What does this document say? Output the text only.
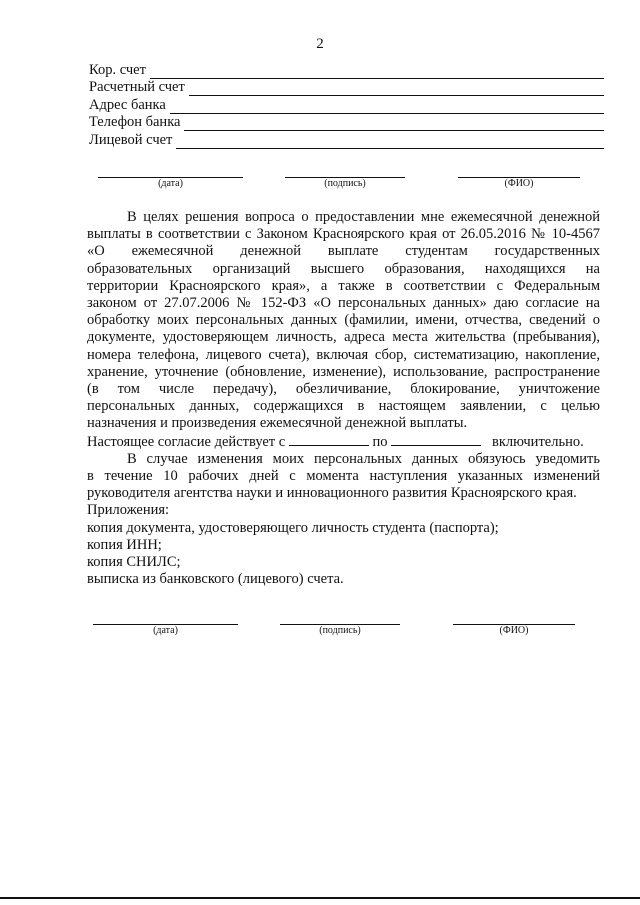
2
Кор. счет
Расчетный счет
Адрес банка
Телефон банка
Лицевой счет
(дата)	(подпись)	(ФИО)
В целях решения вопроса о предоставлении мне ежемесячной денежной
выплаты в соответствии с Законом Красноярского края от 26.05.2016 № 10-4567
«О ежемесячной денежной выплате студентам государственных
образовательных организаций высшего образования, находящихся на
территории Красноярского края», а также в соответствии с Федеральным
законом от 27.07.2006 № 152-ФЗ «О персональных данных» даю согласие на
обработку моих персональных данных (фамилии, имени, отчества, сведений о
документе, удостоверяющем личность, адреса места жительства (пребывания),
номера телефона, лицевого счета), включая сбор, систематизацию, накопление,
хранение, уточнение (обновление, изменение), использование, распространение
(в том числе передачу), обезличивание, блокирование, уничтожение
персональных данных, содержащихся в настоящем заявлении, с целью
назначения и произведения ежемесячной денежной выплаты.
Настоящее согласие действует с	по	включительно.
В случае изменения моих персональных данных обязуюсь уведомить
в течение 10 рабочих дней с момента наступления указанных изменений
руководителя агентства науки и инновационного развития Красноярского края.
Приложения:
копия документа, удостоверяющего личность студента (паспорта);
копия ИНН;
копия СНИЛС;
выписка из банковского (лицевого) счета.
(дата)	(подпись)	(ФИО)
